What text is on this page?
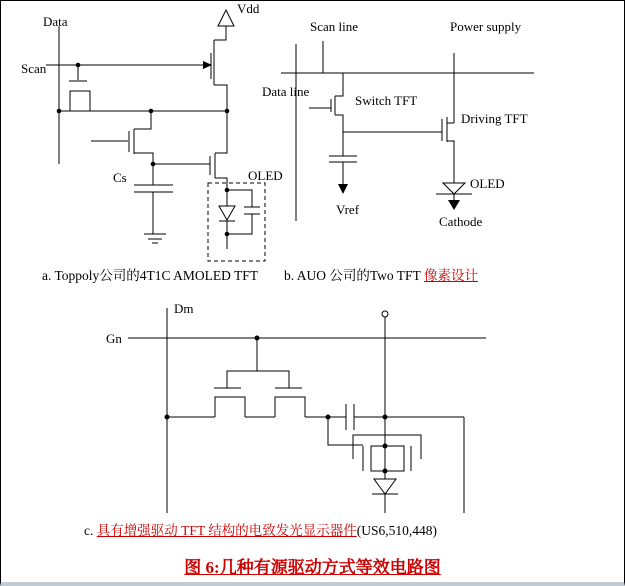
Data
Scan
Vdd
Cs	OLED
Scan line	Power supply
Data line
Switch TFT
Driving TFT
OLED
Vref
Cathode
Dm
Gn
a. Toppoly公司的4T1C AMOLED TFT b. AUO 公司的Two TFT 像素设计
c. 具有增强驱动 TFT 结构的电致发光显示器件(US6,510,448)
图 6:几种有源驱动方式等效电路图
